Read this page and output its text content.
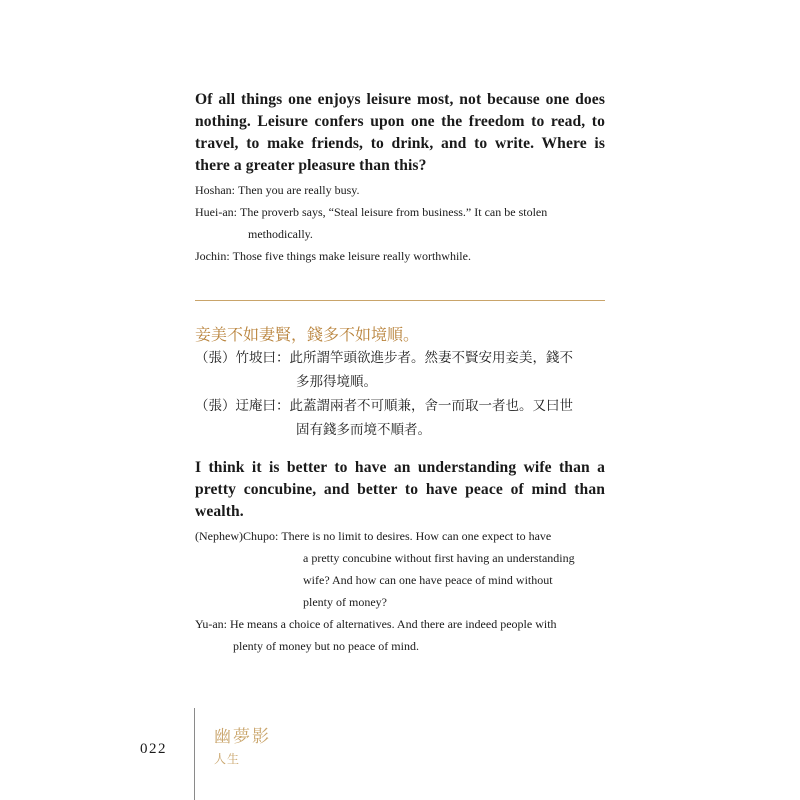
Of all things one enjoys leisure most, not because one does nothing. Leisure confers upon one the freedom to read, to travel, to make friends, to drink, and to write. Where is there a greater pleasure than this?

Hoshan:
Then you are really busy.
Huei-an:
The proverb says, “Steal leisure from business.” It can be stolen
methodically.
Jochin:
Those five things make leisure really worthwhile.

妾美不如妻賢，錢多不如境順。

（張）竹坡曰： 此所謂竿頭欲進步者。然妻不賢安用妾美，錢不
多那得境順。
（張）迂庵曰： 此蓋謂兩者不可順兼，舍一而取一者也。又曰世
固有錢多而境不順者。

I think it is better to have an understanding wife than a pretty concubine, and better to have peace of mind than wealth.

(Nephew)Chupo:
There is no limit to desires. How can one expect to have
a pretty concubine without first having an understanding
wife? And how can one have peace of mind without
plenty of money?
Yu-an:
He means a choice of alternatives. And there are indeed people with
plenty of money but no peace of mind.
022
幽夢影
人生
